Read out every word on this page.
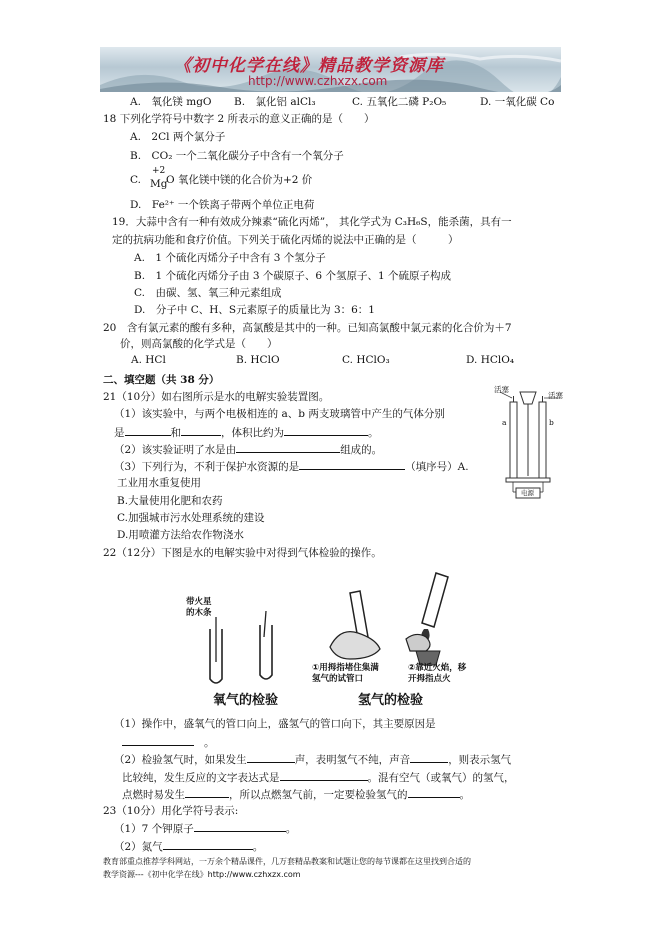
《初中化学在线》精品教学资源库
http://www.czhxzx.com
A.　氧化镁 mgO B.　氯化铝 alCl₃	C. 五氧化二磷 P₂O₅	D. 一氧化碳 Co
18 下列化学符号中数字 2 所表示的意义正确的是（　　）
A.　2Cl 两个氯分子
B.　CO₂ 一个二氧化碳分子中含有一个氧分子
C.
+2
Mg
O 氧化镁中镁的化合价为+2 价
D.　Fe²⁺ 一个铁离子带两个单位正电荷
19．大蒜中含有一种有效成分辣素“硫化丙烯”， 其化学式为 C₃H₆S，能杀菌，具有一
定的抗病功能和食疗价值。下列关于硫化丙烯的说法中正确的是（　　　）
A.　1 个硫化丙烯分子中含有 3 个氢分子
B.　1 个硫化丙烯分子由 3 个碳原子、6 个氢原子、1 个硫原子构成
C.　由碳、氢、氧三种元素组成
D.　分子中 C、H、S元素原子的质量比为 3：6：1
20　含有氯元素的酸有多种，高氯酸是其中的一种。已知高氯酸中氯元素的化合价为＋7
价，则高氯酸的化学式是（　　）
A. HCl	B. HClO	C. HClO₃	D. HClO₄
二、填空题（共 38 分）
21（10分）如右图所示是水的电解实验装置图。
（1）该实验中，与两个电极相连的 a、b 两支玻璃管中产生的气体分别
是	和	，体积比约为	。
（2）该实验证明了水是由	组成的。
（3）下列行为，不利于保护水资源的是	（填序号）A.
工业用水重复使用
B.大量使用化肥和农药
C.加强城市污水处理系统的建设
D.用喷灌方法给农作物浇水
活塞
活塞
a	b
电源
22（12分）下图是水的电解实验中对得到气体检验的操作。
带火星
的木条
①用拇指堵住集满
氢气的试管口
②靠近火焰，移
开拇指点火
氧气的检验	氢气的检验
（1）操作中，盛氧气的管口向上，盛氢气的管口向下，其主要原因是
。
（2）检验氢气时，如果发生	声，表明氢气不纯，声音	，则表示氢气
比较纯，发生反应的文字表达式是	。混有空气（或氧气）的氢气，
点燃时易发生	，所以点燃氢气前，一定要检验氢气的	。
23（10分）用化学符号表示:
（1）7 个钾原子	。
（2）氮气	。
教育部重点推荐学科网站，一万余个精品课件，几万套精品教案和试题让您的每节课都在这里找到合适的
教学资源---《初中化学在线》http://www.czhxzx.com
